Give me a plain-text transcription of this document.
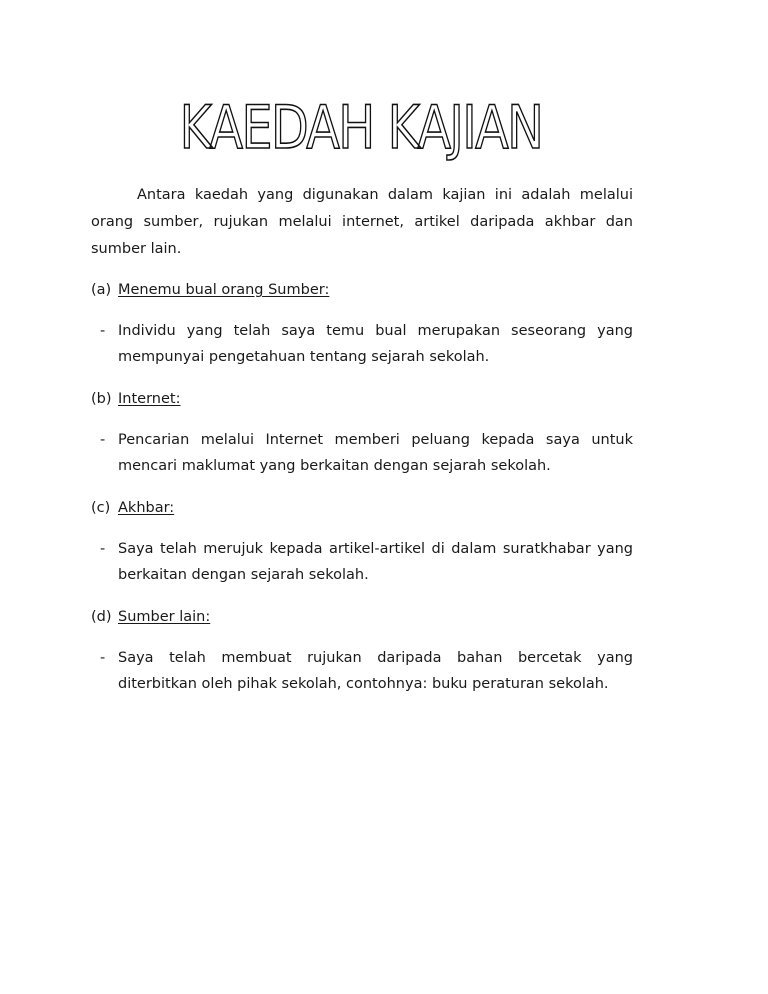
KAEDAH KAJIAN

Antara kaedah yang digunakan dalam kajian ini adalah melalui orang sumber, rujukan melalui internet, artikel daripada akhbar dan sumber lain.

(a) Menemu bual orang Sumber:

- Individu yang telah saya temu bual merupakan seseorang yang mempunyai pengetahuan tentang sejarah sekolah.

(b) Internet:

- Pencarian melalui Internet memberi peluang kepada saya untuk mencari maklumat yang berkaitan dengan sejarah sekolah.

(c) Akhbar:

- Saya telah merujuk kepada artikel-artikel di dalam suratkhabar yang berkaitan dengan sejarah sekolah.

(d) Sumber lain:

- Saya telah membuat rujukan daripada bahan bercetak yang diterbitkan oleh pihak sekolah, contohnya: buku peraturan sekolah.
